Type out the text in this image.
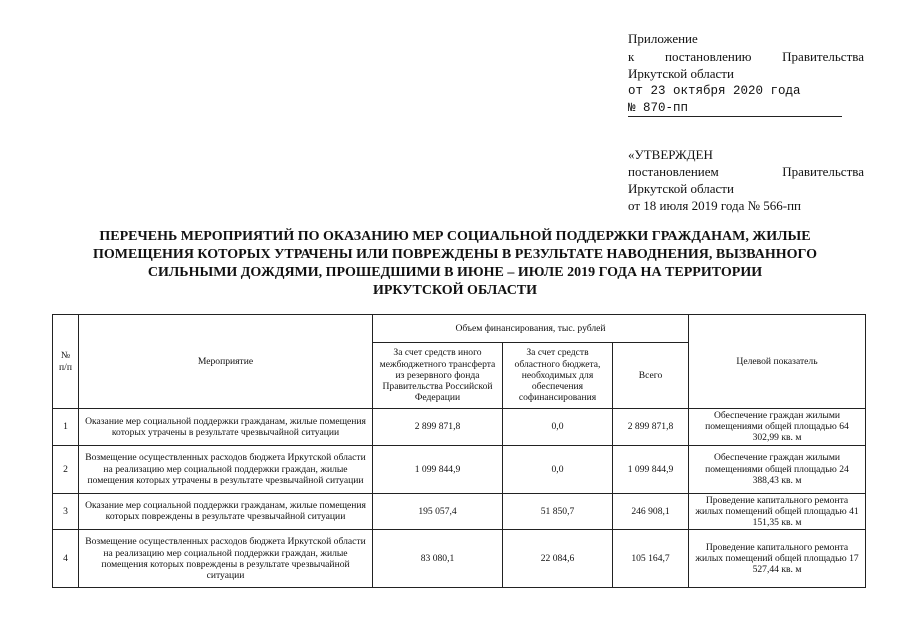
Приложение
к постановлению Правительства
Иркутской области
от 23 октября 2020 года
№ 870-пп
«УТВЕРЖДЕН
постановлением	Правительства
Иркутской области
от 18 июля 2019 года № 566-пп
ПЕРЕЧЕНЬ МЕРОПРИЯТИЙ ПО ОКАЗАНИЮ МЕР СОЦИАЛЬНОЙ ПОДДЕРЖКИ ГРАЖДАНАМ, ЖИЛЫЕ
ПОМЕЩЕНИЯ КОТОРЫХ УТРАЧЕНЫ ИЛИ ПОВРЕЖДЕНЫ В РЕЗУЛЬТАТЕ НАВОДНЕНИЯ, ВЫЗВАННОГО
СИЛЬНЫМИ ДОЖДЯМИ, ПРОШЕДШИМИ В ИЮНЕ – ИЮЛЕ 2019 ГОДА НА ТЕРРИТОРИИ
ИРКУТСКОЙ ОБЛАСТИ
№ п/п	Мероприятие	Объем финансирования, тыс. рублей			Целевой показатель
		За счет средств иного межбюджетного трансферта из резервного фонда Правительства Российской Федерации	За счет средств областного бюджета, необходимых для обеспечения софинансирования	Всего	
1	Оказание мер социальной поддержки гражданам, жилые помещения которых утрачены в результате чрезвычайной ситуации	2 899 871,8	0,0	2 899 871,8	Обеспечение граждан жилыми помещениями общей площадью 64 302,99 кв. м
2	Возмещение осуществленных расходов бюджета Иркутской области на реализацию мер социальной поддержки граждан, жилые помещения которых утрачены в результате чрезвычайной ситуации	1 099 844,9	0,0	1 099 844,9	Обеспечение граждан жилыми помещениями общей площадью 24 388,43 кв. м
3	Оказание мер социальной поддержки гражданам, жилые помещения которых повреждены в результате чрезвычайной ситуации	195 057,4	51 850,7	246 908,1	Проведение капитального ремонта жилых помещений общей площадью 41 151,35 кв. м
4	Возмещение осуществленных расходов бюджета Иркутской области на реализацию мер социальной поддержки граждан, жилые помещения которых повреждены в результате чрезвычайной ситуации	83 080,1	22 084,6	105 164,7	Проведение капитального ремонта жилых помещений общей площадью 17 527,44 кв. м
